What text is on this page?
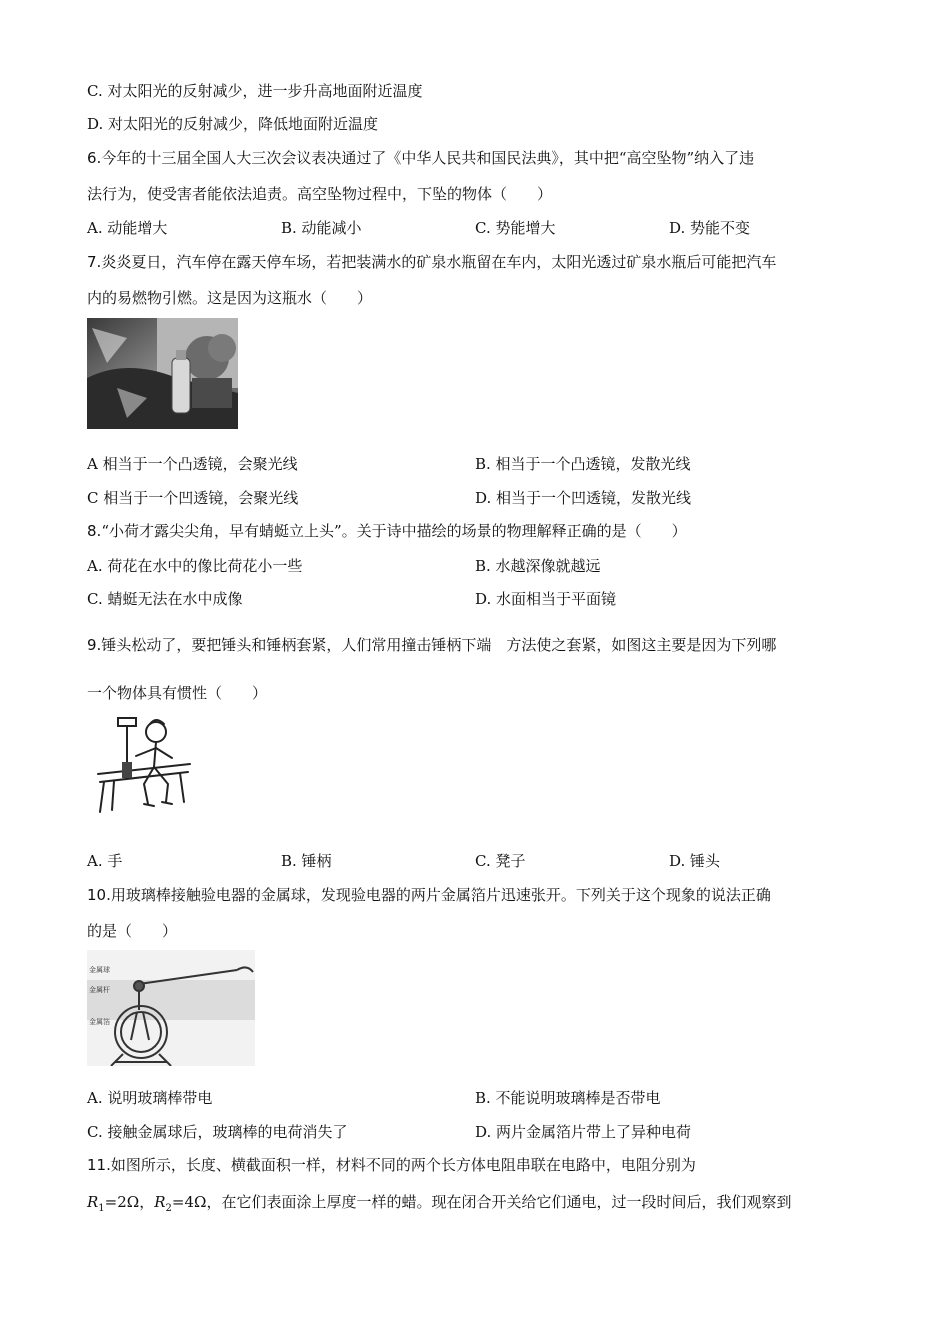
C. 对太阳光的反射减少，进一步升高地面附近温度
D. 对太阳光的反射减少，降低地面附近温度
6.今年的十三届全国人大三次会议表决通过了《中华人民共和国民法典》，其中把“高空坠物”纳入了违
法行为，使受害者能依法追责。高空坠物过程中，下坠的物体（　　）
A. 动能增大	B. 动能减小	C. 势能增大	D. 势能不变
7.炎炎夏日，汽车停在露天停车场，若把装满水的矿泉水瓶留在车内，太阳光透过矿泉水瓶后可能把汽车
内的易燃物引燃。这是因为这瓶水（　　）
A 相当于一个凸透镜，会聚光线	B. 相当于一个凸透镜，发散光线
C 相当于一个凹透镜，会聚光线	D. 相当于一个凹透镜，发散光线
8.“小荷才露尖尖角，早有蜻蜓立上头”。关于诗中描绘的场景的物理解释正确的是（　　）
A. 荷花在水中的像比荷花小一些	B. 水越深像就越远
C. 蜻蜓无法在水中成像	D. 水面相当于平面镜
9.锤头松动了，要把锤头和锤柄套紧，人们常用撞击锤柄下端　方法使之套紧，如图这主要是因为下列哪
一个物体具有惯性（　　）
A. 手	B. 锤柄	C. 凳子	D. 锤头
10.用玻璃棒接触验电器的金属球，发现验电器的两片金属箔片迅速张开。下列关于这个现象的说法正确
的是（　　）
金属球
金属杆
金属箔
A. 说明玻璃棒带电	B. 不能说明玻璃棒是否带电
C. 接触金属球后，玻璃棒的电荷消失了	D. 两片金属箔片带上了异种电荷
11.如图所示，长度、横截面积一样，材料不同的两个长方体电阻串联在电路中，电阻分别为
$R_1=2\Omega$，$R_2=4\Omega$，在它们表面涂上厚度一样的蜡。现在闭合开关给它们通电，过一段时间后，我们观察到
